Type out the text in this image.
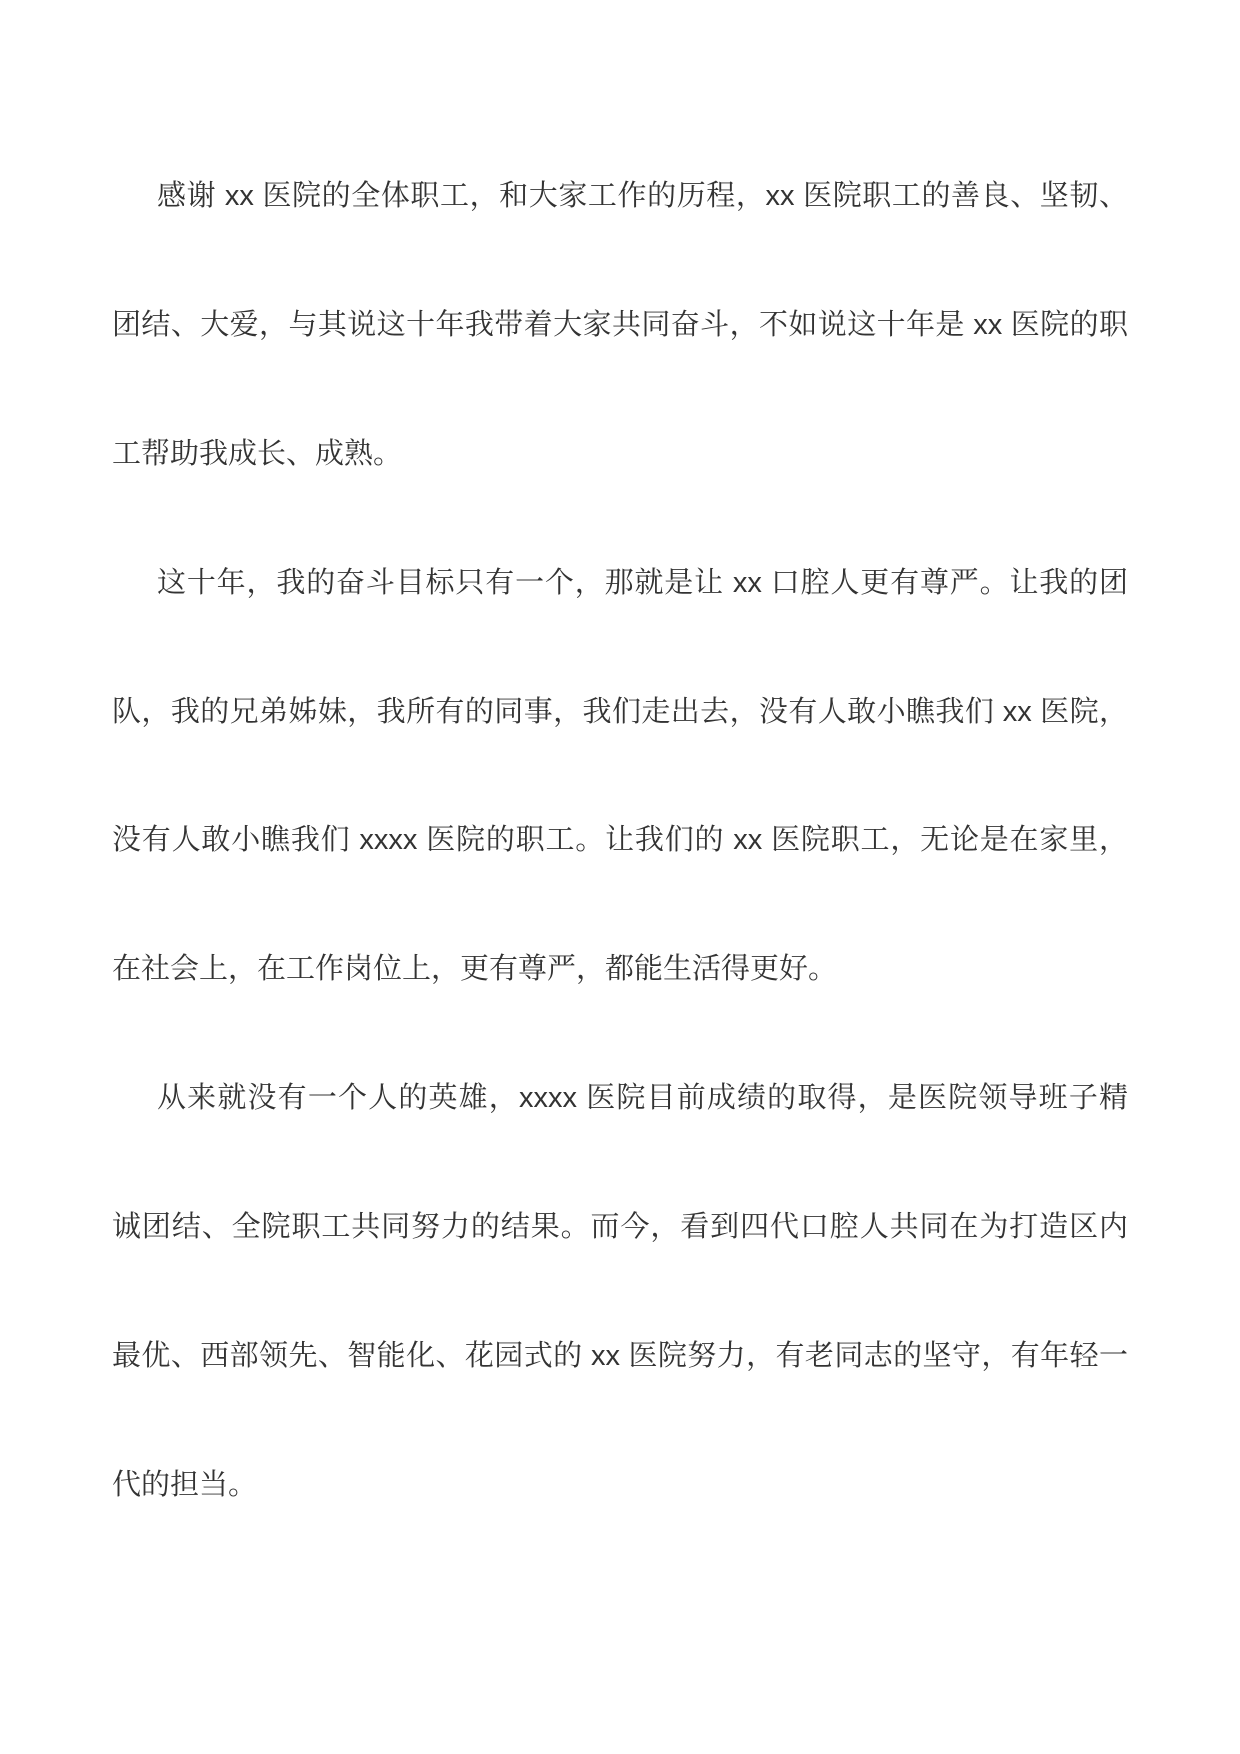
感谢 xx 医院的全体职工，和大家工作的历程，xx 医院职工的善良、坚韧、
团结、大爱，与其说这十年我带着大家共同奋斗，不如说这十年是 xx 医院的职
工帮助我成长、成熟。
这十年，我的奋斗目标只有一个，那就是让 xx 口腔人更有尊严。让我的团
队，我的兄弟姊妹，我所有的同事，我们走出去，没有人敢小瞧我们 xx 医院，
没有人敢小瞧我们 xxxx 医院的职工。让我们的 xx 医院职工，无论是在家里，
在社会上，在工作岗位上，更有尊严，都能生活得更好。
从来就没有一个人的英雄，xxxx 医院目前成绩的取得，是医院领导班子精
诚团结、全院职工共同努力的结果。而今，看到四代口腔人共同在为打造区内
最优、西部领先、智能化、花园式的 xx 医院努力，有老同志的坚守，有年轻一
代的担当。
